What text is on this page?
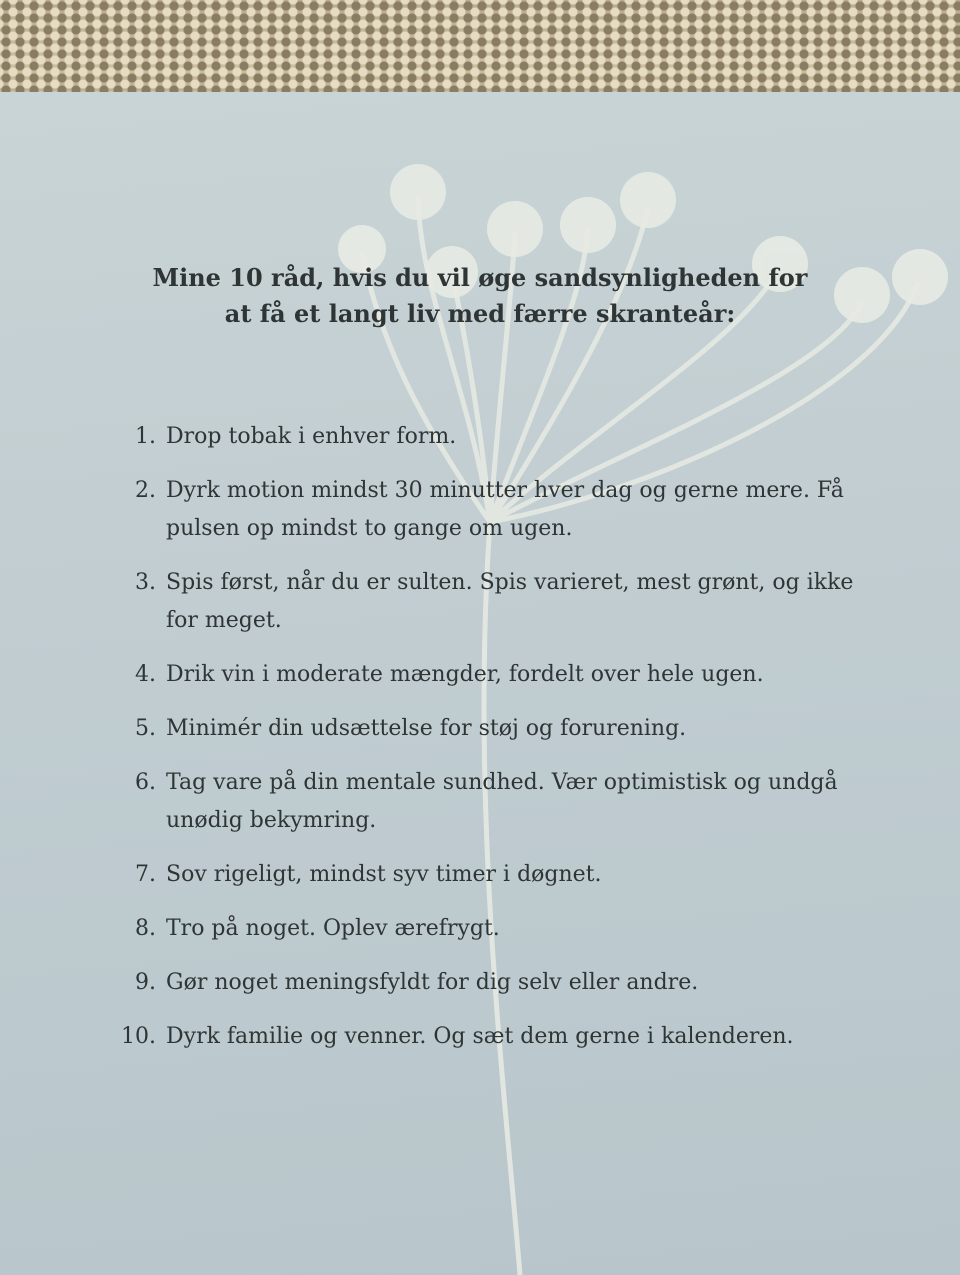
Mine 10 råd, hvis du vil øge sandsynligheden for
at få et langt liv med færre skranteår:
1. Drop tobak i enhver form.
2. Dyrk motion mindst 30 minutter hver dag og gerne mere. Få pulsen op mindst to gange om ugen.
3. Spis først, når du er sulten. Spis varieret, mest grønt, og ikke for meget.
4. Drik vin i moderate mængder, fordelt over hele ugen.
5. Minimér din udsættelse for støj og forurening.
6. Tag vare på din mentale sundhed. Vær optimistisk og undgå unødig bekymring.
7. Sov rigeligt, mindst syv timer i døgnet.
8. Tro på noget. Oplev ærefrygt.
9. Gør noget meningsfyldt for dig selv eller andre.
10. Dyrk familie og venner. Og sæt dem gerne i kalenderen.
